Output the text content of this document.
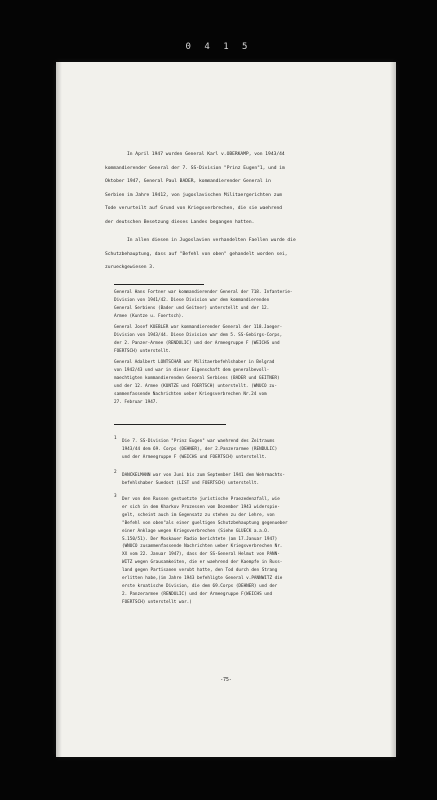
0 4 1 5
In April 1947 wurden General Karl v.OBERKAMP, von 1943/44
kommandierender General der 7. SS-Division "Prinz Eugen"1, und im
Oktober 1947, General Paul BADER, kommandierender General in
Serbien im Jahre 19412, von jugoslavischen Militaergerichten zum
Tode verurteilt auf Grund von Kriegsverbrechen, die sie waehrend
der deutschen Besetzung dieses Landes begangen hatten.
In allen diesen in Jugoslavien verhandelten Faellen wurde die
Schutzbehauptung, dass auf "Befehl von oben" gehandelt worden sei,
zurueckgewiesen 3.
General Hans Fortner war kommandierender General der 718. Infanterie-
Division von 1941/42. Diese Division war dem kommandierenden
General Serbiens (Bader und Geitner) unterstellt und der 12.
Armee (Kuntze u. Foertsch).
General Josef KUEBLER war kommandierender General der 118.Jaeger-
Division von 1943/44. Diese Division war dem 5. SS-Gebirgs-Corps,
der 2. Panzer-Armee (RENDULIC) und der Armeegruppe F (WEICHS und
FOERTSCH) unterstellt.
General Adalbert LONTSCHAR war Militaerbefehlshaber in Belgrad
von 1942/43 und war in dieser Eigenschaft dem generalbevoll-
maechtigten kommandierenden General Serbiens (BADER und GEITNER)
und der 12. Armee (KUNTZE und FOERTSCH) unterstellt. (WNUCO zu-
sammenfassende Nachrichten ueber Kriegsverbrechen Nr.24 vom
27. Februar 1947.
1
Die 7. SS-Division "Prinz Eugen" war waehrend des Zeitraums
1943/44 dem 69. Corps (DEHNER), der 2.Panzerarmee (RENDULIC)
und der Armeegruppe F (WEICHS und FOERTSCH) unterstellt.
2
DANCKELMANN war von Juni bis zum September 1941 dem Wehrmachts-
befehlshaber Suedost (LIST und FOERTSCH) unterstellt.
3
Der von den Russen gestuetzte juristische Praezedenzfall, wie
er sich in dem Kharkov Prozessen vom Dezember 1943 widerspie-
gelt, scheint auch im Gegensatz zu stehen zu der Lehre, von
"Befehl von oben"als einer gueltigen Schutzbehauptung gegenueber
einer Anklage wegen Kriegsverbrechen (Siehe GLUECK a.a.O.
S.150/51). Der Moskauer Radio berichtete (am 17.Januar 1947)
(WNUCO zusammenfassende Nachrichten ueber Kriegsverbrechen Nr.
XX vom 22. Januar 1947), dass der SS-General Helmut von PANN-
WITZ wegen Grausamkeiten, die er waehrend der Kaempfe in Russ-
land gegen Partisanen verubt hatte, den Tod durch den Strang
erlitten habe,(im Jahre 1943 befehligte General v.PANNWITZ die
erste kroatische Division, die dem 69.Corps (DEHNER) und der
2. Panzerarmee (RENDULIC) und der Armeegruppe F(WEICHS und
FOERTSCH) unterstellt war.)
-75-
